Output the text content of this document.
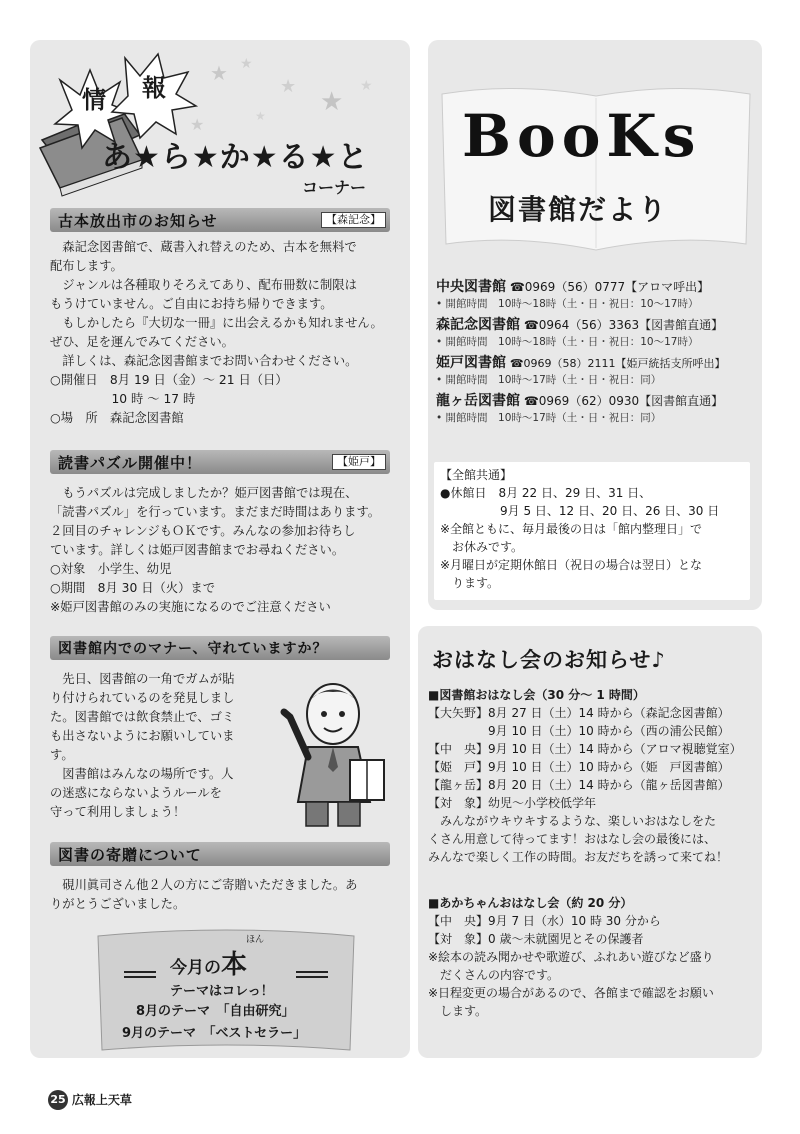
★ ★
★
★
★
★
★
情 報
あ★ら★か★る★と
コーナー
古本放出市のお知らせ	【森記念】
　森記念図書館で、蔵書入れ替えのため、古本を無料で
配布します。
　ジャンルは各種取りそろえてあり、配布冊数に制限は
もうけていません。ご自由にお持ち帰りできます。
　もしかしたら『大切な一冊』に出会えるかも知れません。
ぜひ、足を運んでみてください。
　詳しくは、森記念図書館までお問い合わせください。
○開催日　8月 19 日（金）〜 21 日（日）
　　　　　10 時 〜 17 時
○場　所　森記念図書館
読書パズル開催中！	【姫戸】
　もうパズルは完成しましたか？姫戸図書館では現在、
「読書パズル」を行っています。まだまだ時間はあります。
２回目のチャレンジもＯＫです。みんなの参加お待ちし
ています。詳しくは姫戸図書館までお尋ねください。
○対象　小学生、幼児
○期間　8月 30 日（火）まで
※姫戸図書館のみの実施になるのでご注意ください
図書館内でのマナー、守れていますか？
　先日、図書館の一角でガムが貼
り付けられているのを発見しまし
た。図書館では飲食禁止で、ゴミ
も出さないようにお願いしていま
す。
　図書館はみんなの場所です。人
の迷惑にならないようルールを
守って利用しましょう！
図書の寄贈について
　硯川眞司さん他２人の方にご寄贈いただきました。あ
りがとうございました。
ほん
今月の本
テーマはコレっ！
8月のテーマ　「自由研究」
9月のテーマ　「ベストセラー」
BooKs
図書館だより
中央図書館 ☎0969（56）0777【アロマ呼出】
• 開館時間　10時〜18時（土・日・祝日：10〜17時）
森記念図書館 ☎0964（56）3363【図書館直通】
• 開館時間　10時〜18時（土・日・祝日：10〜17時）
姫戸図書館 ☎0969（58）2111【姫戸統括支所呼出】
• 開館時間　10時〜17時（土・日・祝日：同）
龍ヶ岳図書館 ☎0969（62）0930【図書館直通】
• 開館時間　10時〜17時（土・日・祝日：同）
【全館共通】
●休館日　8月 22 日、29 日、31 日、
　　　　　9月 5 日、12 日、20 日、26 日、30 日
※全館ともに、毎月最後の日は「館内整理日」で
　お休みです。
※月曜日が定期休館日（祝日の場合は翌日）とな
　ります。
おはなし会のお知らせ♪
■図書館おはなし会（30 分〜 1 時間）
【大矢野】8月 27 日（土）14 時から（森記念図書館）
　　　　　9月 10 日（土）10 時から（西の浦公民館）
【中　央】9月 10 日（土）14 時から（アロマ視聴覚室）
【姫　戸】9月 10 日（土）10 時から（姫　戸図書館）
【龍ヶ岳】8月 20 日（土）14 時から（龍ヶ岳図書館）
【対　象】幼児〜小学校低学年
　みんながウキウキするような、楽しいおはなしをた
くさん用意して待ってます！おはなし会の最後には、
みんなで楽しく工作の時間。お友だちを誘って来てね！
■あかちゃんおはなし会（約 20 分）
【中　央】9月 7 日（水）10 時 30 分から
【対　象】0 歳〜未就園児とその保護者
※絵本の読み聞かせや歌遊び、ふれあい遊びなど盛り
　だくさんの内容です。
※日程変更の場合があるので、各館まで確認をお願い
　します。
25 広報上天草
